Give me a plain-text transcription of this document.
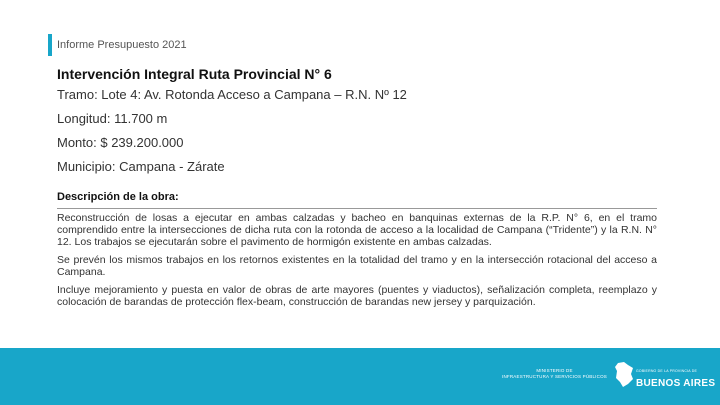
Informe Presupuesto 2021
Intervención Integral Ruta Provincial N° 6
Tramo: Lote 4: Av. Rotonda Acceso a Campana – R.N. Nº 12
Longitud: 11.700 m
Monto: $ 239.200.000
Municipio: Campana - Zárate
Descripción de la obra:

Reconstrucción de losas a ejecutar en ambas calzadas y bacheo en banquinas externas de la R.P. N° 6, en el tramo comprendido entre la intersecciones de dicha ruta con la rotonda de acceso a la localidad de Campana (“Tridente”) y la R.N. N° 12. Los trabajos se ejecutarán sobre el pavimento de hormigón existente en ambas calzadas.

Se prevén los mismos trabajos en los retornos existentes en la totalidad del tramo y en la intersección rotacional del acceso a Campana.

Incluye mejoramiento y puesta en valor de obras de arte mayores (puentes y viaductos), señalización completa, reemplazo y colocación de barandas de protección flex-beam, construcción de barandas new jersey y parquización.

MINISTERIO DE
INFRAESTRUCTURA Y SERVICIOS PÚBLICOS
GOBIERNO DE LA PROVINCIA DE
BUENOS AIRES
